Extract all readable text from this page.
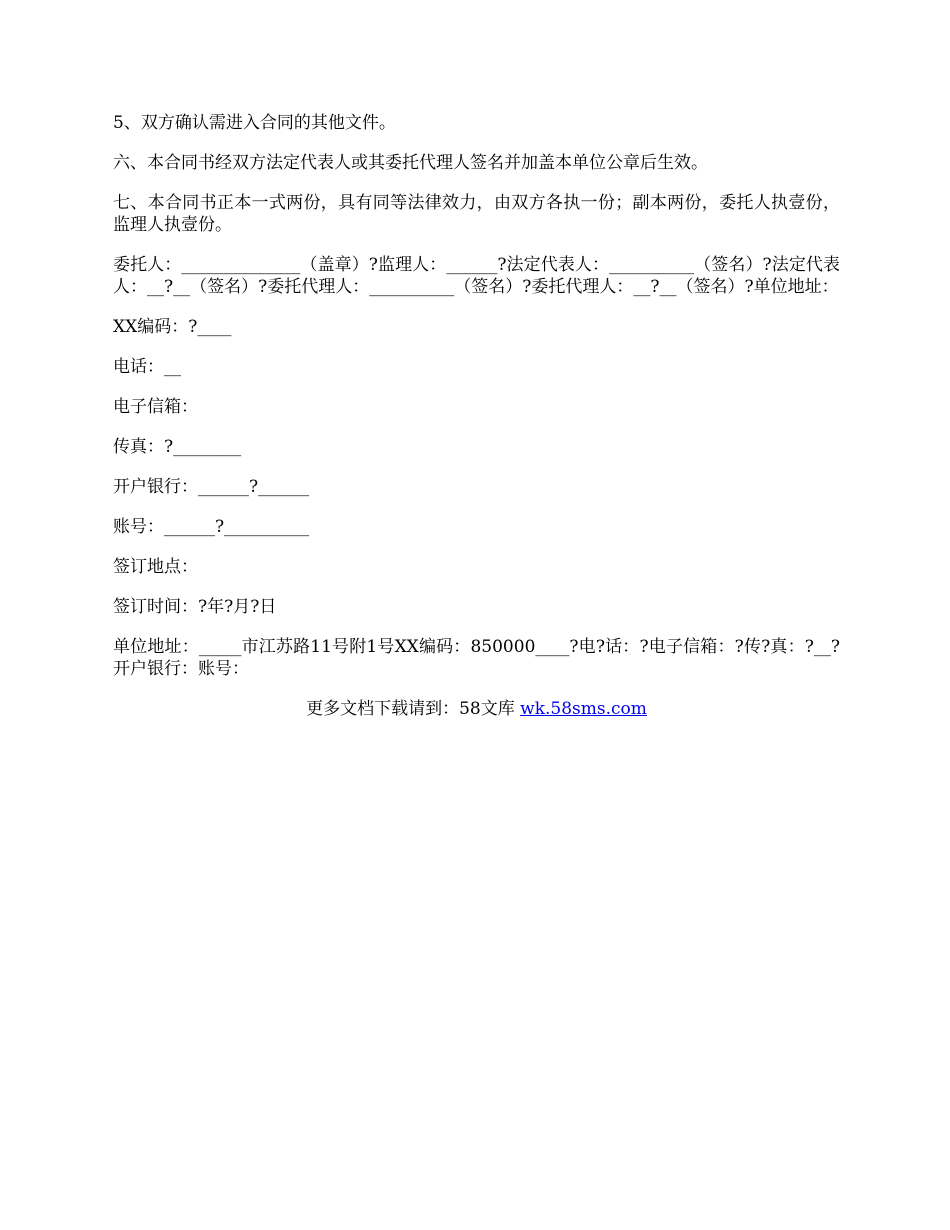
5、双方确认需进入合同的其他文件。

六、本合同书经双方法定代表人或其委托代理人签名并加盖本单位公章后生效。

七、本合同书正本一式两份，具有同等法律效力，由双方各执一份；副本两份，委托人执壹份，监理人执壹份。

委托人：______________（盖章）?监理人：______?法定代表人：__________（签名）?法定代表人：__?__（签名）?委托代理人：__________（签名）?委托代理人：__?__（签名）?单位地址：

XX编码：?____

电话：__

电子信箱：

传真：?________

开户银行：______?______

账号：______?__________

签订地点：

签订时间：?年?月?日

单位地址：_____市江苏路11号附1号XX编码：850000____?电?话：?电子信箱：?传?真：?__?开户银行：账号：

更多文档下载请到：58文库 wk.58sms.com
